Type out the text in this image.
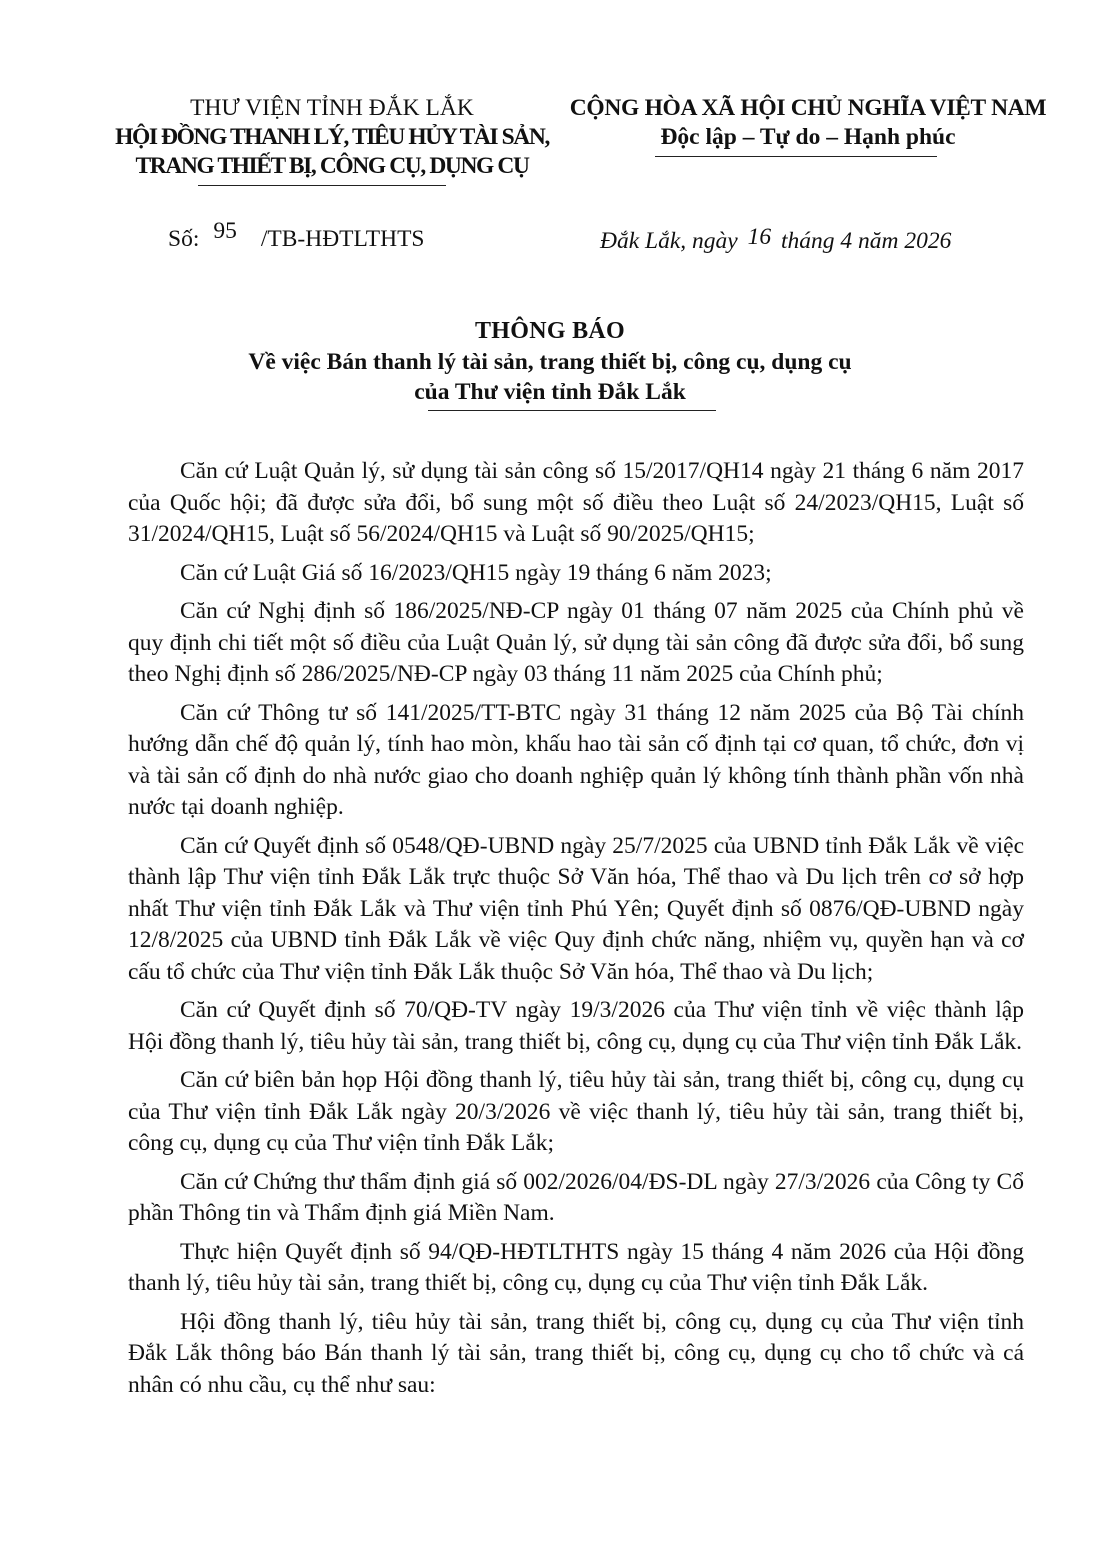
THƯ VIỆN TỈNH ĐẮK LẮK
HỘI ĐỒNG THANH LÝ, TIÊU HỦY TÀI SẢN,
TRANG THIẾT BỊ, CÔNG CỤ, DỤNG CỤ
CỘNG HÒA XÃ HỘI CHỦ NGHĨA VIỆT NAM
Độc lập – Tự do – Hạnh phúc
Số: 95 /TB-HĐTLTHTS	Đắk Lắk, ngày 16 tháng 4 năm 2026
THÔNG BÁO
Về việc Bán thanh lý tài sản, trang thiết bị, công cụ, dụng cụ
của Thư viện tỉnh Đắk Lắk

Căn cứ Luật Quản lý, sử dụng tài sản công số 15/2017/QH14 ngày 21 tháng 6 năm 2017 của Quốc hội; đã được sửa đổi, bổ sung một số điều theo Luật số 24/2023/QH15, Luật số 31/2024/QH15, Luật số 56/2024/QH15 và Luật số 90/2025/QH15;

Căn cứ Luật Giá số 16/2023/QH15 ngày 19 tháng 6 năm 2023;

Căn cứ Nghị định số 186/2025/NĐ-CP ngày 01 tháng 07 năm 2025 của Chính phủ về quy định chi tiết một số điều của Luật Quản lý, sử dụng tài sản công đã được sửa đổi, bổ sung theo Nghị định số 286/2025/NĐ-CP ngày 03 tháng 11 năm 2025 của Chính phủ;

Căn cứ Thông tư số 141/2025/TT-BTC ngày 31 tháng 12 năm 2025 của Bộ Tài chính hướng dẫn chế độ quản lý, tính hao mòn, khấu hao tài sản cố định tại cơ quan, tổ chức, đơn vị và tài sản cố định do nhà nước giao cho doanh nghiệp quản lý không tính thành phần vốn nhà nước tại doanh nghiệp.

Căn cứ Quyết định số 0548/QĐ-UBND ngày 25/7/2025 của UBND tỉnh Đắk Lắk về việc thành lập Thư viện tỉnh Đắk Lắk trực thuộc Sở Văn hóa, Thể thao và Du lịch trên cơ sở hợp nhất Thư viện tỉnh Đắk Lắk và Thư viện tỉnh Phú Yên; Quyết định số 0876/QĐ-UBND ngày 12/8/2025 của UBND tỉnh Đắk Lắk về việc Quy định chức năng, nhiệm vụ, quyền hạn và cơ cấu tổ chức của Thư viện tỉnh Đắk Lắk thuộc Sở Văn hóa, Thể thao và Du lịch;

Căn cứ Quyết định số 70/QĐ-TV ngày 19/3/2026 của Thư viện tỉnh về việc thành lập Hội đồng thanh lý, tiêu hủy tài sản, trang thiết bị, công cụ, dụng cụ của Thư viện tỉnh Đắk Lắk.

Căn cứ biên bản họp Hội đồng thanh lý, tiêu hủy tài sản, trang thiết bị, công cụ, dụng cụ của Thư viện tỉnh Đắk Lắk ngày 20/3/2026 về việc thanh lý, tiêu hủy tài sản, trang thiết bị, công cụ, dụng cụ của Thư viện tỉnh Đắk Lắk;

Căn cứ Chứng thư thẩm định giá số 002/2026/04/ĐS-DL ngày 27/3/2026 của Công ty Cổ phần Thông tin và Thẩm định giá Miền Nam.

Thực hiện Quyết định số 94/QĐ-HĐTLTHTS ngày 15 tháng 4 năm 2026 của Hội đồng thanh lý, tiêu hủy tài sản, trang thiết bị, công cụ, dụng cụ của Thư viện tỉnh Đắk Lắk.

Hội đồng thanh lý, tiêu hủy tài sản, trang thiết bị, công cụ, dụng cụ của Thư viện tỉnh Đắk Lắk thông báo Bán thanh lý tài sản, trang thiết bị, công cụ, dụng cụ cho tổ chức và cá nhân có nhu cầu, cụ thể như sau:
